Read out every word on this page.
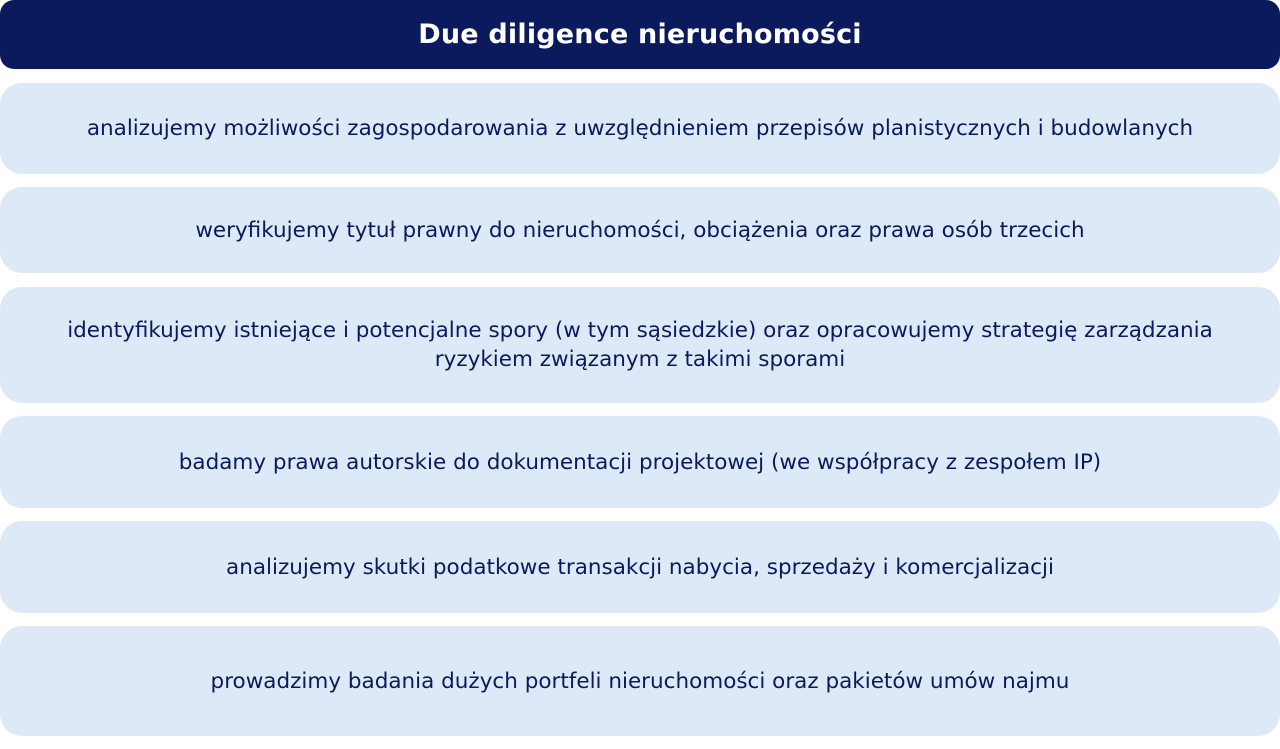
Due diligence nieruchomości
analizujemy możliwości zagospodarowania z uwzględnieniem przepisów planistycznych i budowlanych
weryfikujemy tytuł prawny do nieruchomości, obciążenia oraz prawa osób trzecich
identyfikujemy istniejące i potencjalne spory (w tym sąsiedzkie) oraz opracowujemy strategię zarządzania ryzykiem związanym z takimi sporami
badamy prawa autorskie do dokumentacji projektowej (we współpracy z zespołem IP)
analizujemy skutki podatkowe transakcji nabycia, sprzedaży i komercjalizacji
prowadzimy badania dużych portfeli nieruchomości oraz pakietów umów najmu
